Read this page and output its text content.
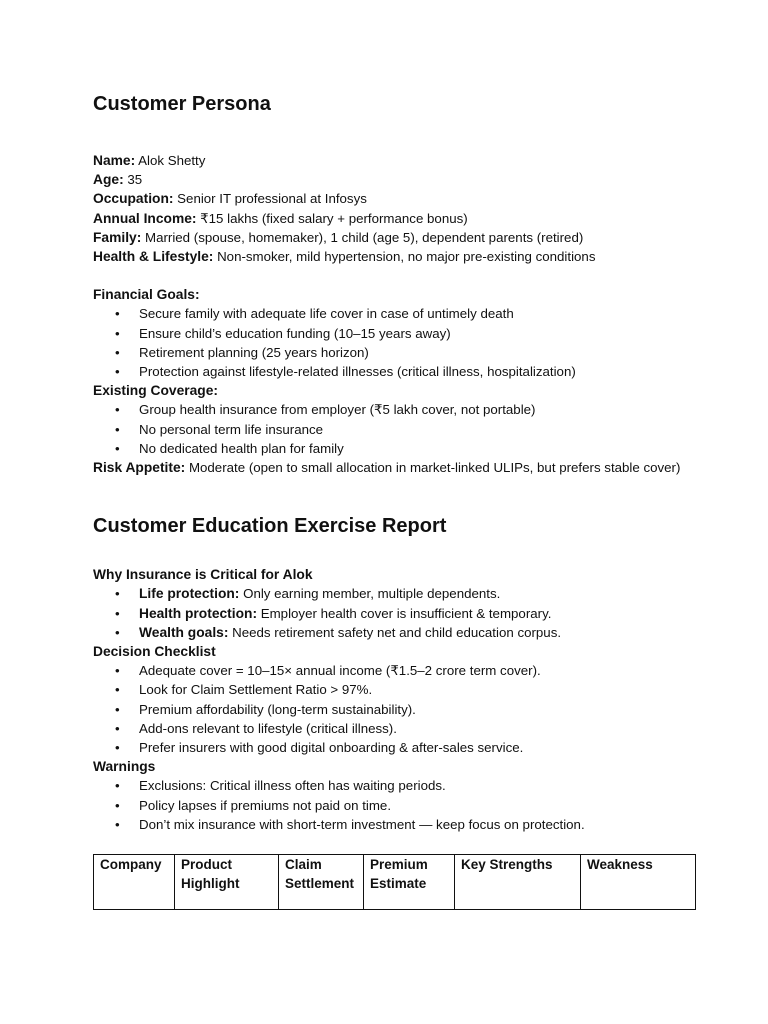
Customer Persona

Name: Alok Shetty

Age: 35

Occupation: Senior IT professional at Infosys

Annual Income: ₹15 lakhs (fixed salary + performance bonus)

Family: Married (spouse, homemaker), 1 child (age 5), dependent parents (retired)

Health & Lifestyle: Non-smoker, mild hypertension, no major pre-existing conditions

Financial Goals:

• Secure family with adequate life cover in case of untimely death
• Ensure child’s education funding (10–15 years away)
• Retirement planning (25 years horizon)
• Protection against lifestyle-related illnesses (critical illness, hospitalization)

Existing Coverage:

• Group health insurance from employer (₹5 lakh cover, not portable)
• No personal term life insurance
• No dedicated health plan for family

Risk Appetite: Moderate (open to small allocation in market-linked ULIPs, but prefers stable cover)

Customer Education Exercise Report

Why Insurance is Critical for Alok

• Life protection: Only earning member, multiple dependents.
• Health protection: Employer health cover is insufficient & temporary.
• Wealth goals: Needs retirement safety net and child education corpus.

Decision Checklist

• Adequate cover = 10–15× annual income (₹1.5–2 crore term cover).
• Look for Claim Settlement Ratio > 97%.
• Premium affordability (long-term sustainability).
• Add-ons relevant to lifestyle (critical illness).
• Prefer insurers with good digital onboarding & after-sales service.

Warnings

• Exclusions: Critical illness often has waiting periods.
• Policy lapses if premiums not paid on time.
• Don’t mix insurance with short-term investment — keep focus on protection.
Company	Product Highlight	Claim Settlement	Premium Estimate	Key Strengths	Weakness
